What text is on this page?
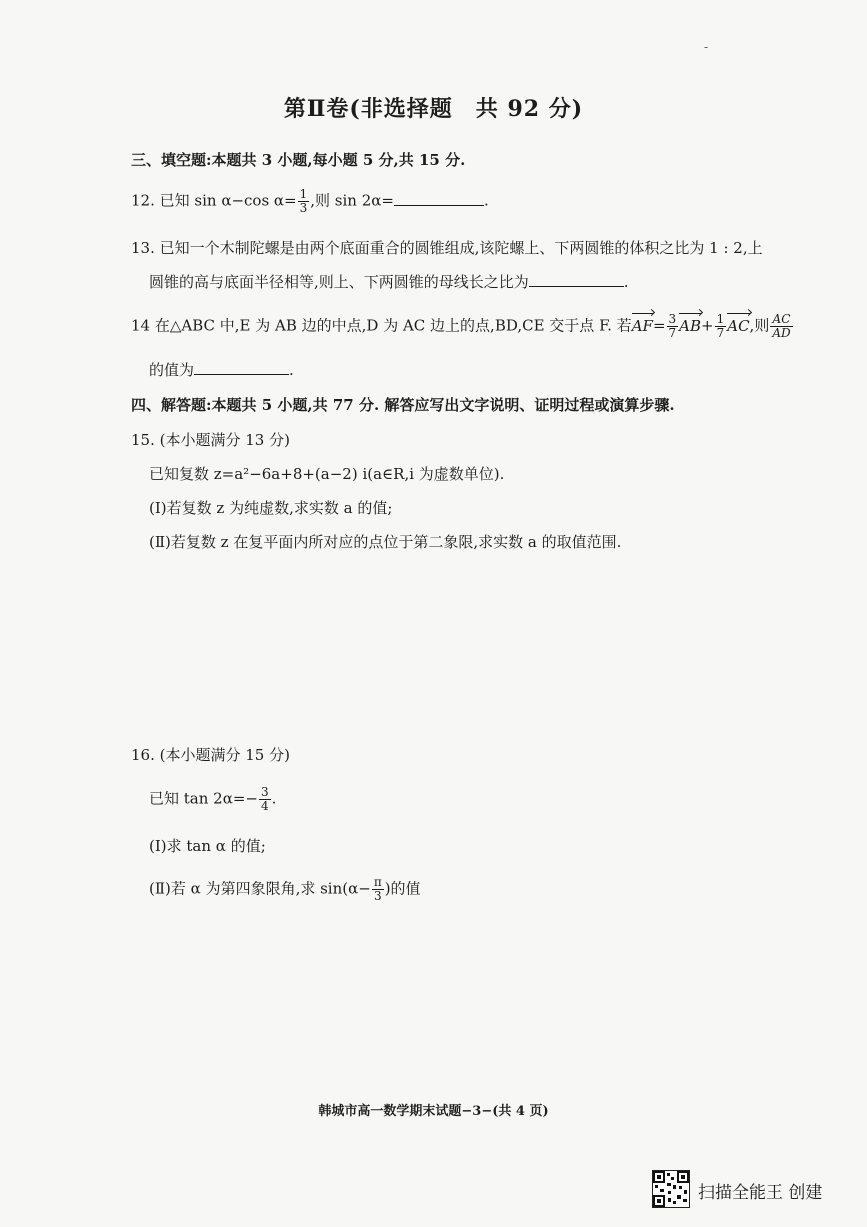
-
第Ⅱ卷(非选择题　共 92 分)
三、填空题:本题共 3 小题,每小题 5 分,共 15 分.
12. 已知 sin α−cos $\alpha= \frac{1}{3}$ ,则 sin 2α=	.
13. 已知一个木制陀螺是由两个底面重合的圆锥组成,该陀螺上、下两圆锥的体积之比为 1 : 2,上
圆锥的高与底面半径相等,则上、下两圆锥的母线长之比为	.
14 在△ABC 中,E 为 AB 边的中点,D 为 AC 边上的点,BD,CE 交于点 F. 若$AF= \frac{3}{7} AB+ \frac{1}{7}$ AC,则 $\frac{AC}{AD}$
的值为	.
四、解答题:本题共 5 小题,共 77 分. 解答应写出文字说明、证明过程或演算步骤.
15. (本小题满分 13 分)
已知复数 z=a²−6a+8+(a−2) i(a∈R,i 为虚数单位).
(Ⅰ)若复数 z 为纯虚数,求实数 a 的值;
(Ⅱ)若复数 z 在复平面内所对应的点位于第二象限,求实数 a 的取值范围.
16. (本小题满分 15 分)
已知 $\tan 2\alpha=- \frac{3}{4}$ .
(Ⅰ)求 tan α 的值;
(Ⅱ)若 α 为第四象限角,求 $\sin(\alpha- \frac{\pi}{3}$ )的值
韩城市高一数学期末试题−3−(共 4 页)
扫描全能王 创建
